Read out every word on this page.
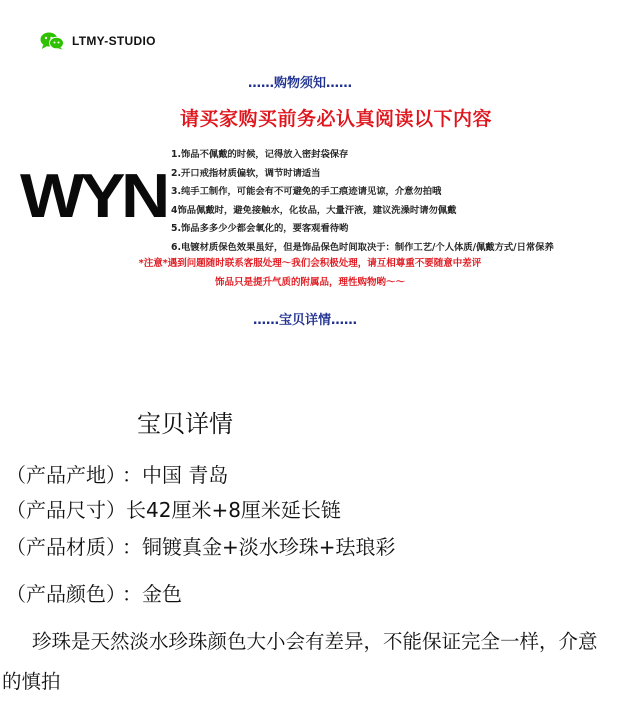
LTMY-STUDIO
……购物须知……
请买家购买前务必认真阅读以下内容
WYN
1.饰品不佩戴的时候，记得放入密封袋保存
2.开口戒指材质偏软，调节时请适当
3.纯手工制作，可能会有不可避免的手工痕迹请见谅，介意勿拍哦
4饰品佩戴时，避免接触水，化妆品，大量汗液，建议洗澡时请勿佩戴
5.饰品多多少少都会氧化的，要客观看待哟
6.电镀材质保色效果虽好，但是饰品保色时间取决于：制作工艺/个人体质/佩戴方式/日常保养
*注意*遇到问题随时联系客服处理～我们会积极处理，请互相尊重不要随意中差评
饰品只是提升气质的附属品，理性购物哟～～
……宝贝详情……
宝贝详情
（产品产地） ：中国 青岛
（产品尺寸）长42厘米+8厘米延长链
（产品材质） ：铜镀真金+淡水珍珠+珐琅彩
（产品颜色） ：金色
珍珠是天然淡水珍珠颜色大小会有差异，不能保证完全一样，介意的慎拍
